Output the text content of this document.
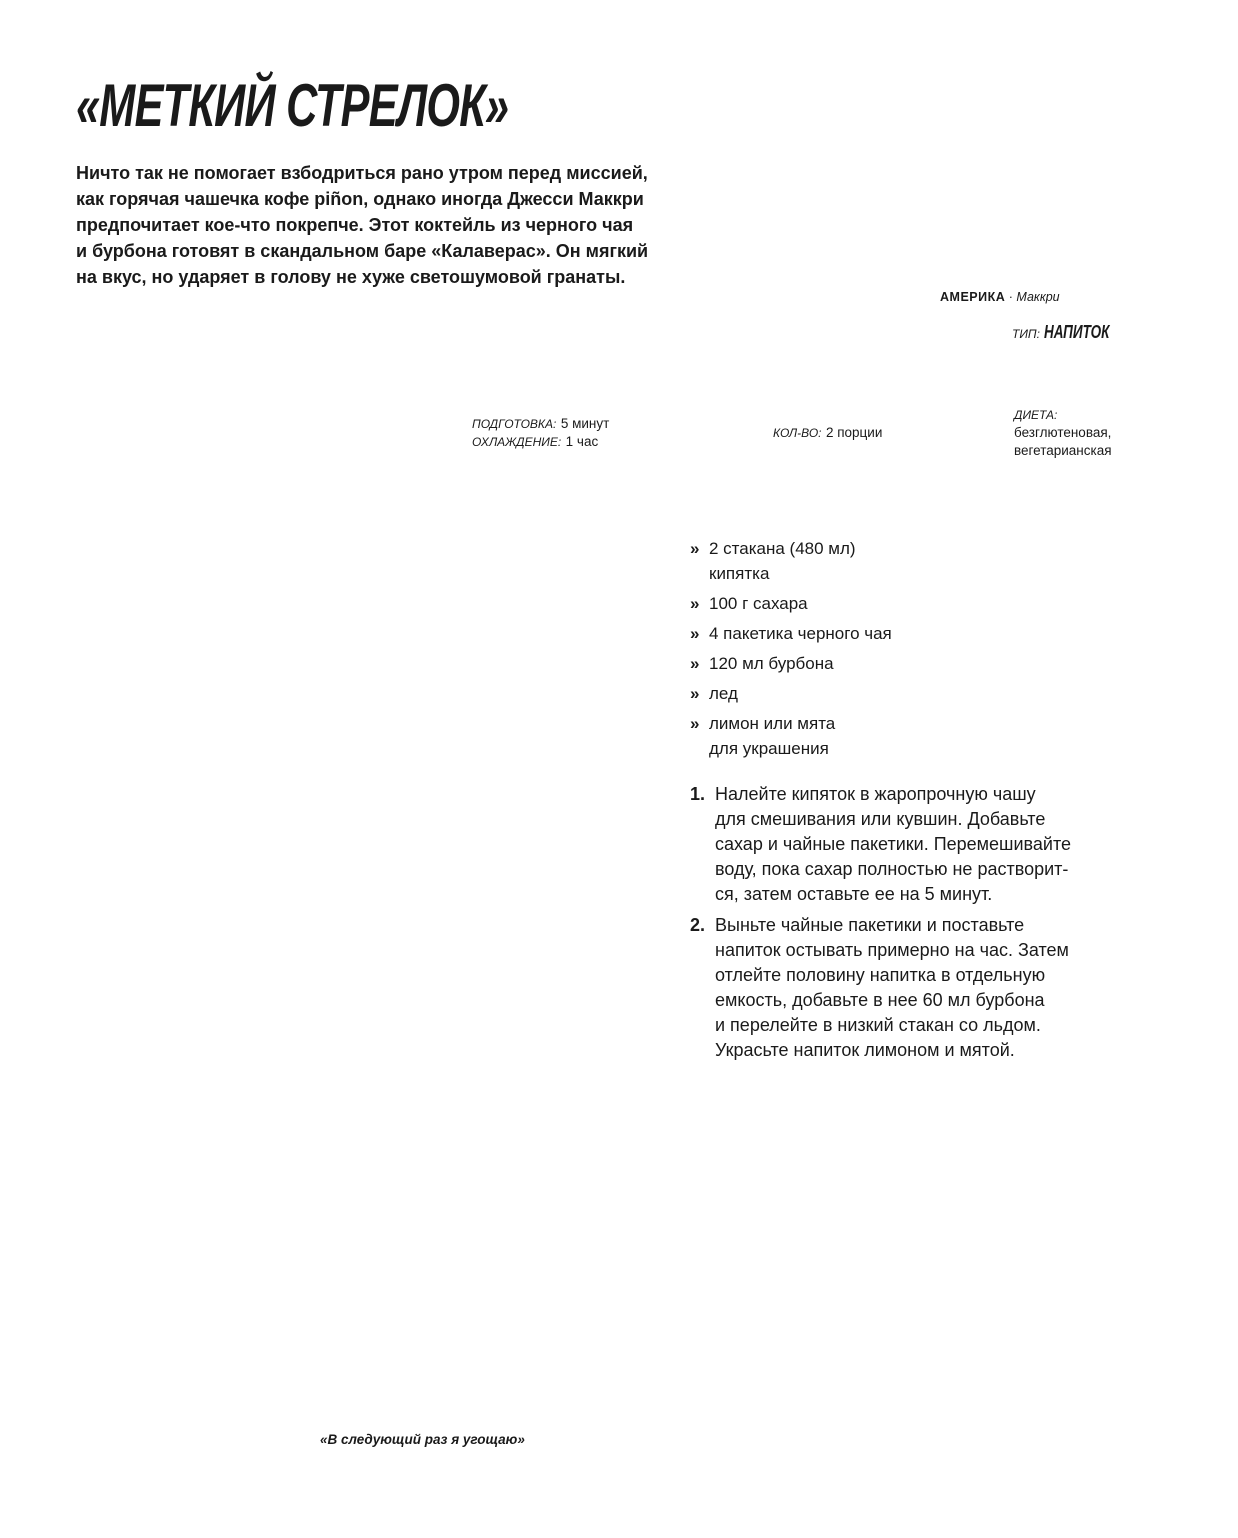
«МЕТКИЙ СТРЕЛОК»
Ничто так не помогает взбодриться рано утром перед миссией,
как горячая чашечка кофе piñon, однако иногда Джесси Маккри
предпочитает кое-что покрепче. Этот коктейль из черного чая
и бурбона готовят в скандальном баре «Калаверас». Он мягкий
на вкус, но ударяет в голову не хуже светошумовой гранаты.
АМЕРИКА · Маккри
ТИП: НАПИТОК
ПОДГОТОВКА: 5 минут
ОХЛАЖДЕНИЕ: 1 час
КОЛ-ВО: 2 порции
ДИЕТА:
безглютеновая,
вегетарианская
» 2 стакана (480 мл)
кипятка
» 100 г сахара
» 4 пакетика черного чая
» 120 мл бурбона
» лед
» лимон или мята
для украшения
1. Налейте кипяток в жаропрочную чашу
для смешивания или кувшин. Добавьте
сахар и чайные пакетики. Перемешивайте
воду, пока сахар полностью не растворит-
ся, затем оставьте ее на 5 минут.
2. Выньте чайные пакетики и поставьте
напиток остывать примерно на час. Затем
отлейте половину напитка в отдельную
емкость, добавьте в нее 60 мл бурбона
и перелейте в низкий стакан со льдом.
Украсьте напиток лимоном и мятой.
«В следующий раз я угощаю»
